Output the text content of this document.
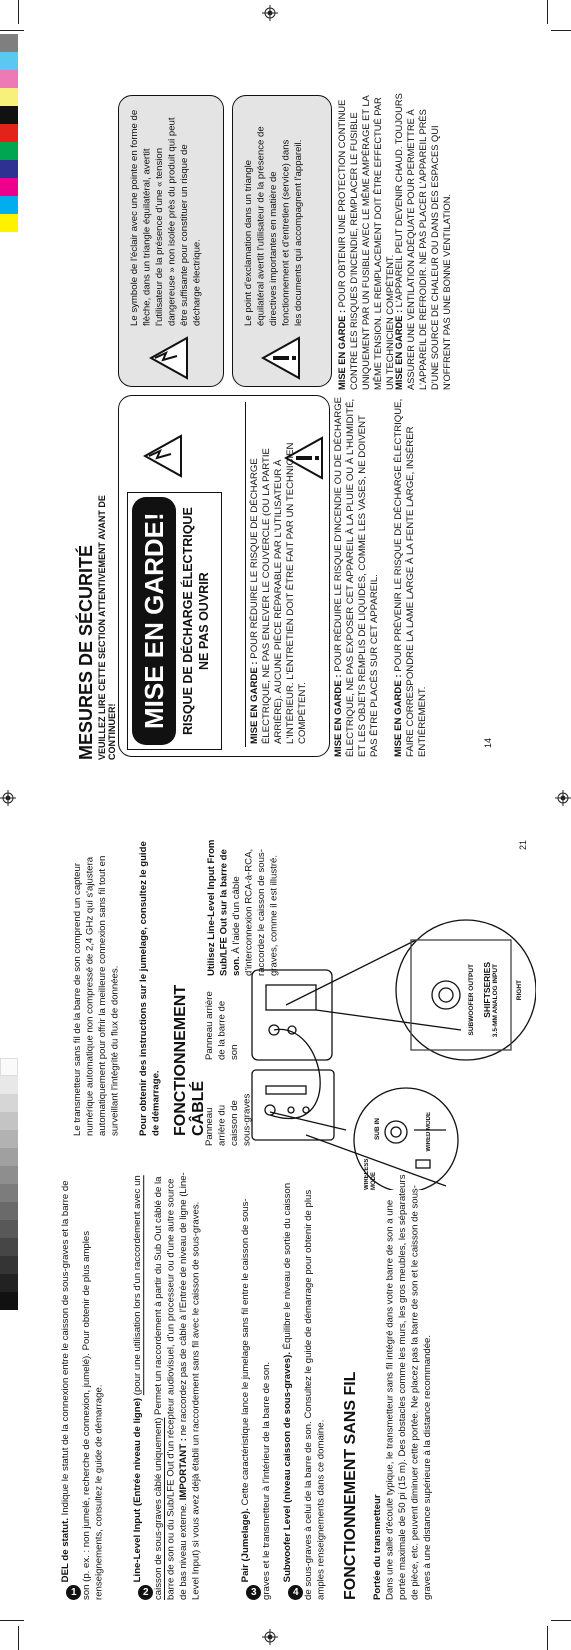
MESURES DE SÉCURITÉ VEUILLEZ LIRE CETTE SECTION ATTENTIVEMENT AVANT DE CONTINUER!
MISE EN GARDE! RISQUE DE DÉCHARGE ÉLECTRIQUE NE PAS OUVRIR
MISE EN GARDE : POUR RÉDUIRE LE RISQUE DE DÉCHARGE ÉLECTRIQUE, NE PAS ENLEVER LE COUVERCLE (OU LA PARTIE ARRIÈRE). AUCUNE PIÈCE RÉPARABLE PAR L'UTILISATEUR À L'INTÉRIEUR. L'ENTRETIEN DOIT ÊTRE FAIT PAR UN TECHNICIEN COMPÉTENT.	MISE EN GARDE : POUR RÉDUIRE LE RISQUE D'INCENDIE OU DE DÉCHARGE ÉLECTRIQUE, NE PAS EXPOSER CET APPAREIL À LA PLUIE OU À L'HUMIDITÉ, ET LES OBJETS REMPLIS DE LIQUIDES, COMME LES VASES, NE DOIVENT PAS ÊTRE PLACÉS SUR CET APPAREIL.	MISE EN GARDE : POUR PRÉVENIR LE RISQUE DE DÉCHARGE ÉLECTRIQUE, FAIRE CORRESPONDRE LA LAME LARGE À LA FENTE LARGE, INSÉRER ENTIÈREMENT.	14
Le symbole de l'éclair avec une pointe en forme de flèche, dans un triangle équilatéral, avertit l'utilisateur de la présence d'une « tension dangereuse » non isolée près du produit qui peut être suffisante pour constituer un risque de décharge électrique.	Le point d'exclamation dans un triangle équilatéral avertit l'utilisateur de la présence de directives importantes en matière de fonctionnement et d'entretien (service) dans les documents qui accompagnent l'appareil.
MISE EN GARDE : POUR OBTENIR UNE PROTECTION CONTINUE CONTRE LES RISQUES D'INCENDIE, REMPLACER LE FUSIBLE UNIQUEMENT PAR UN FUSIBLE AVEC LE MÊME AMPÉRAGE ET LA MÊME TENSION. LE REMPLACEMENT DOIT ÊTRE EFFECTUÉ PAR UN TECHNICIEN COMPÉTENT. MISE EN GARDE : L'APPAREIL PEUT DEVENIR CHAUD. TOUJOURS ASSURER UNE VENTILATION ADÉQUATE POUR PERMETTRE À L'APPAREIL DE REFROIDIR. NE PAS PLACER L'APPAREIL PRÈS D'UNE SOURCE DE CHALEUR OU DANS DES ESPACES QUI N'OFFRENT PAS UNE BONNE VENTILATION.
1 DEL de statut. Indique le statut de la connexion entre le caisson de sous-graves et la barre de son (p. ex. : non jumelé, recherche de connexion, jumelé). Pour obtenir de plus amples renseignements, consultez le guide de démarrage.	2 Line-Level Input (Entrée niveau de ligne) (pour une utilisation lors d'un raccordement avec un caisson de sous-graves câblé uniquement) Permet un raccordement à partir du Sub Out câblé de la barre de son ou du Sub/LFE Out d'un récepteur audiovisuel, d'un processeur ou d'une autre source de bas niveau externe. IMPORTANT : ne raccordez pas de câble à l'Entrée de niveau de ligne (Line-Level Input) si vous avez déjà établi un raccordement sans fil avec le caisson de sous-graves.	3 Pair (Jumelage). Cette caractéristique lance le jumelage sans fil entre le caisson de sous-graves et le transmetteur à l'intérieur de la barre de son.	4 Subwoofer Level (niveau caisson de sous-graves). Équilibre le niveau de sortie du caisson de sous-graves à celui de la barre de son. Consultez le guide de démarrage pour obtenir de plus amples renseignements dans ce domaine. FONCTIONNEMENT SANS FIL	Portée du transmetteur Dans une salle d'écoute typique, le transmetteur sans fil intégré dans votre barre de son a une portée maximale de 50 pi (15 m). Des obstacles comme les murs, les gros meubles, les séparateurs de pièce, etc. peuvent diminuer cette portée. Ne placez pas la barre de son et le caisson de sous-graves à une distance supérieure à la distance recommandée.
Le transmetteur sans fil de la barre de son comprend un capteur numérique automatique non compressé de 2,4 GHz qui s'ajustera automatiquement pour offrir la meilleure connexion sans fil tout en surveillant l'intégrité du flux de données.	Pour obtenir des instructions sur le jumelage, consultez le guide de démarrage. FONCTIONNEMENT CÂBLÉ
Panneau arrière du caisson de sous-graves
Panneau arrière de la barre de son
Utilisez Line-Level Input From Sub/LFE Out sur la barre de son. À l'aide d'un câble d'interconnexion RCA-à-RCA, raccordez le caisson de sous-graves, comme il est illustré.
21
SHIFTSERIES
SUBWOOFER OUTPUT	3.5-MM ANALOG INPUT	RIGHT
SUB IN	WIRED MODE
WIRELESS MODE
